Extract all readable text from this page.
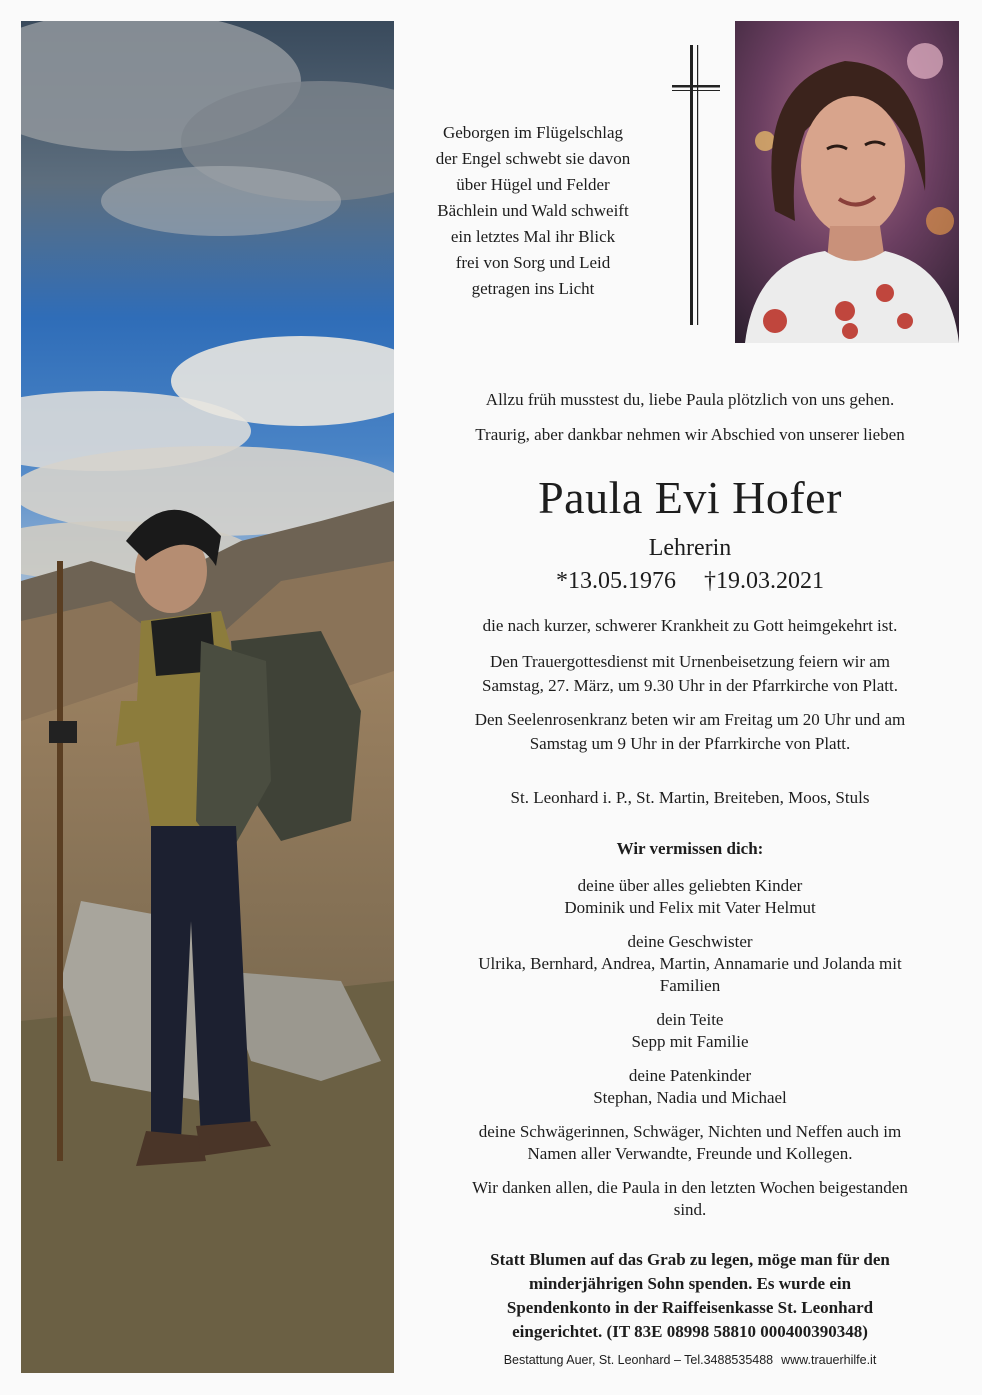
Geborgen im Flügelschlag
der Engel schwebt sie davon
über Hügel und Felder
Bächlein und Wald schweift
ein letztes Mal ihr Blick
frei von Sorg und Leid
getragen ins Licht
Allzu früh musstest du, liebe Paula plötzlich von uns gehen.
Traurig, aber dankbar nehmen wir Abschied von unserer lieben
Paula Evi Hofer
Lehrerin
*13.05.1976 †19.03.2021
die nach kurzer, schwerer Krankheit zu Gott heimgekehrt ist.
Den Trauergottesdienst mit Urnenbeisetzung feiern wir am
Samstag, 27. März, um 9.30 Uhr in der Pfarrkirche von Platt.
Den Seelenrosenkranz beten wir am Freitag um 20 Uhr und am
Samstag um 9 Uhr in der Pfarrkirche von Platt.
St. Leonhard i. P., St. Martin, Breiteben, Moos, Stuls
Wir vermissen dich:
deine über alles geliebten Kinder
Dominik und Felix mit Vater Helmut
deine Geschwister
Ulrika, Bernhard, Andrea, Martin, Annamarie und Jolanda mit
Familien
dein Teite
Sepp mit Familie
deine Patenkinder
Stephan, Nadia und Michael
deine Schwägerinnen, Schwäger, Nichten und Neffen auch im
Namen aller Verwandte, Freunde und Kollegen.
Wir danken allen, die Paula in den letzten Wochen beigestanden
sind.
Statt Blumen auf das Grab zu legen, möge man für den
minderjährigen Sohn spenden. Es wurde ein
Spendenkonto in der Raiffeisenkasse St. Leonhard
eingerichtet. (IT 83E 08998 58810 000400390348)
Bestattung Auer, St. Leonhard – Tel.3488535488 www.trauerhilfe.it
